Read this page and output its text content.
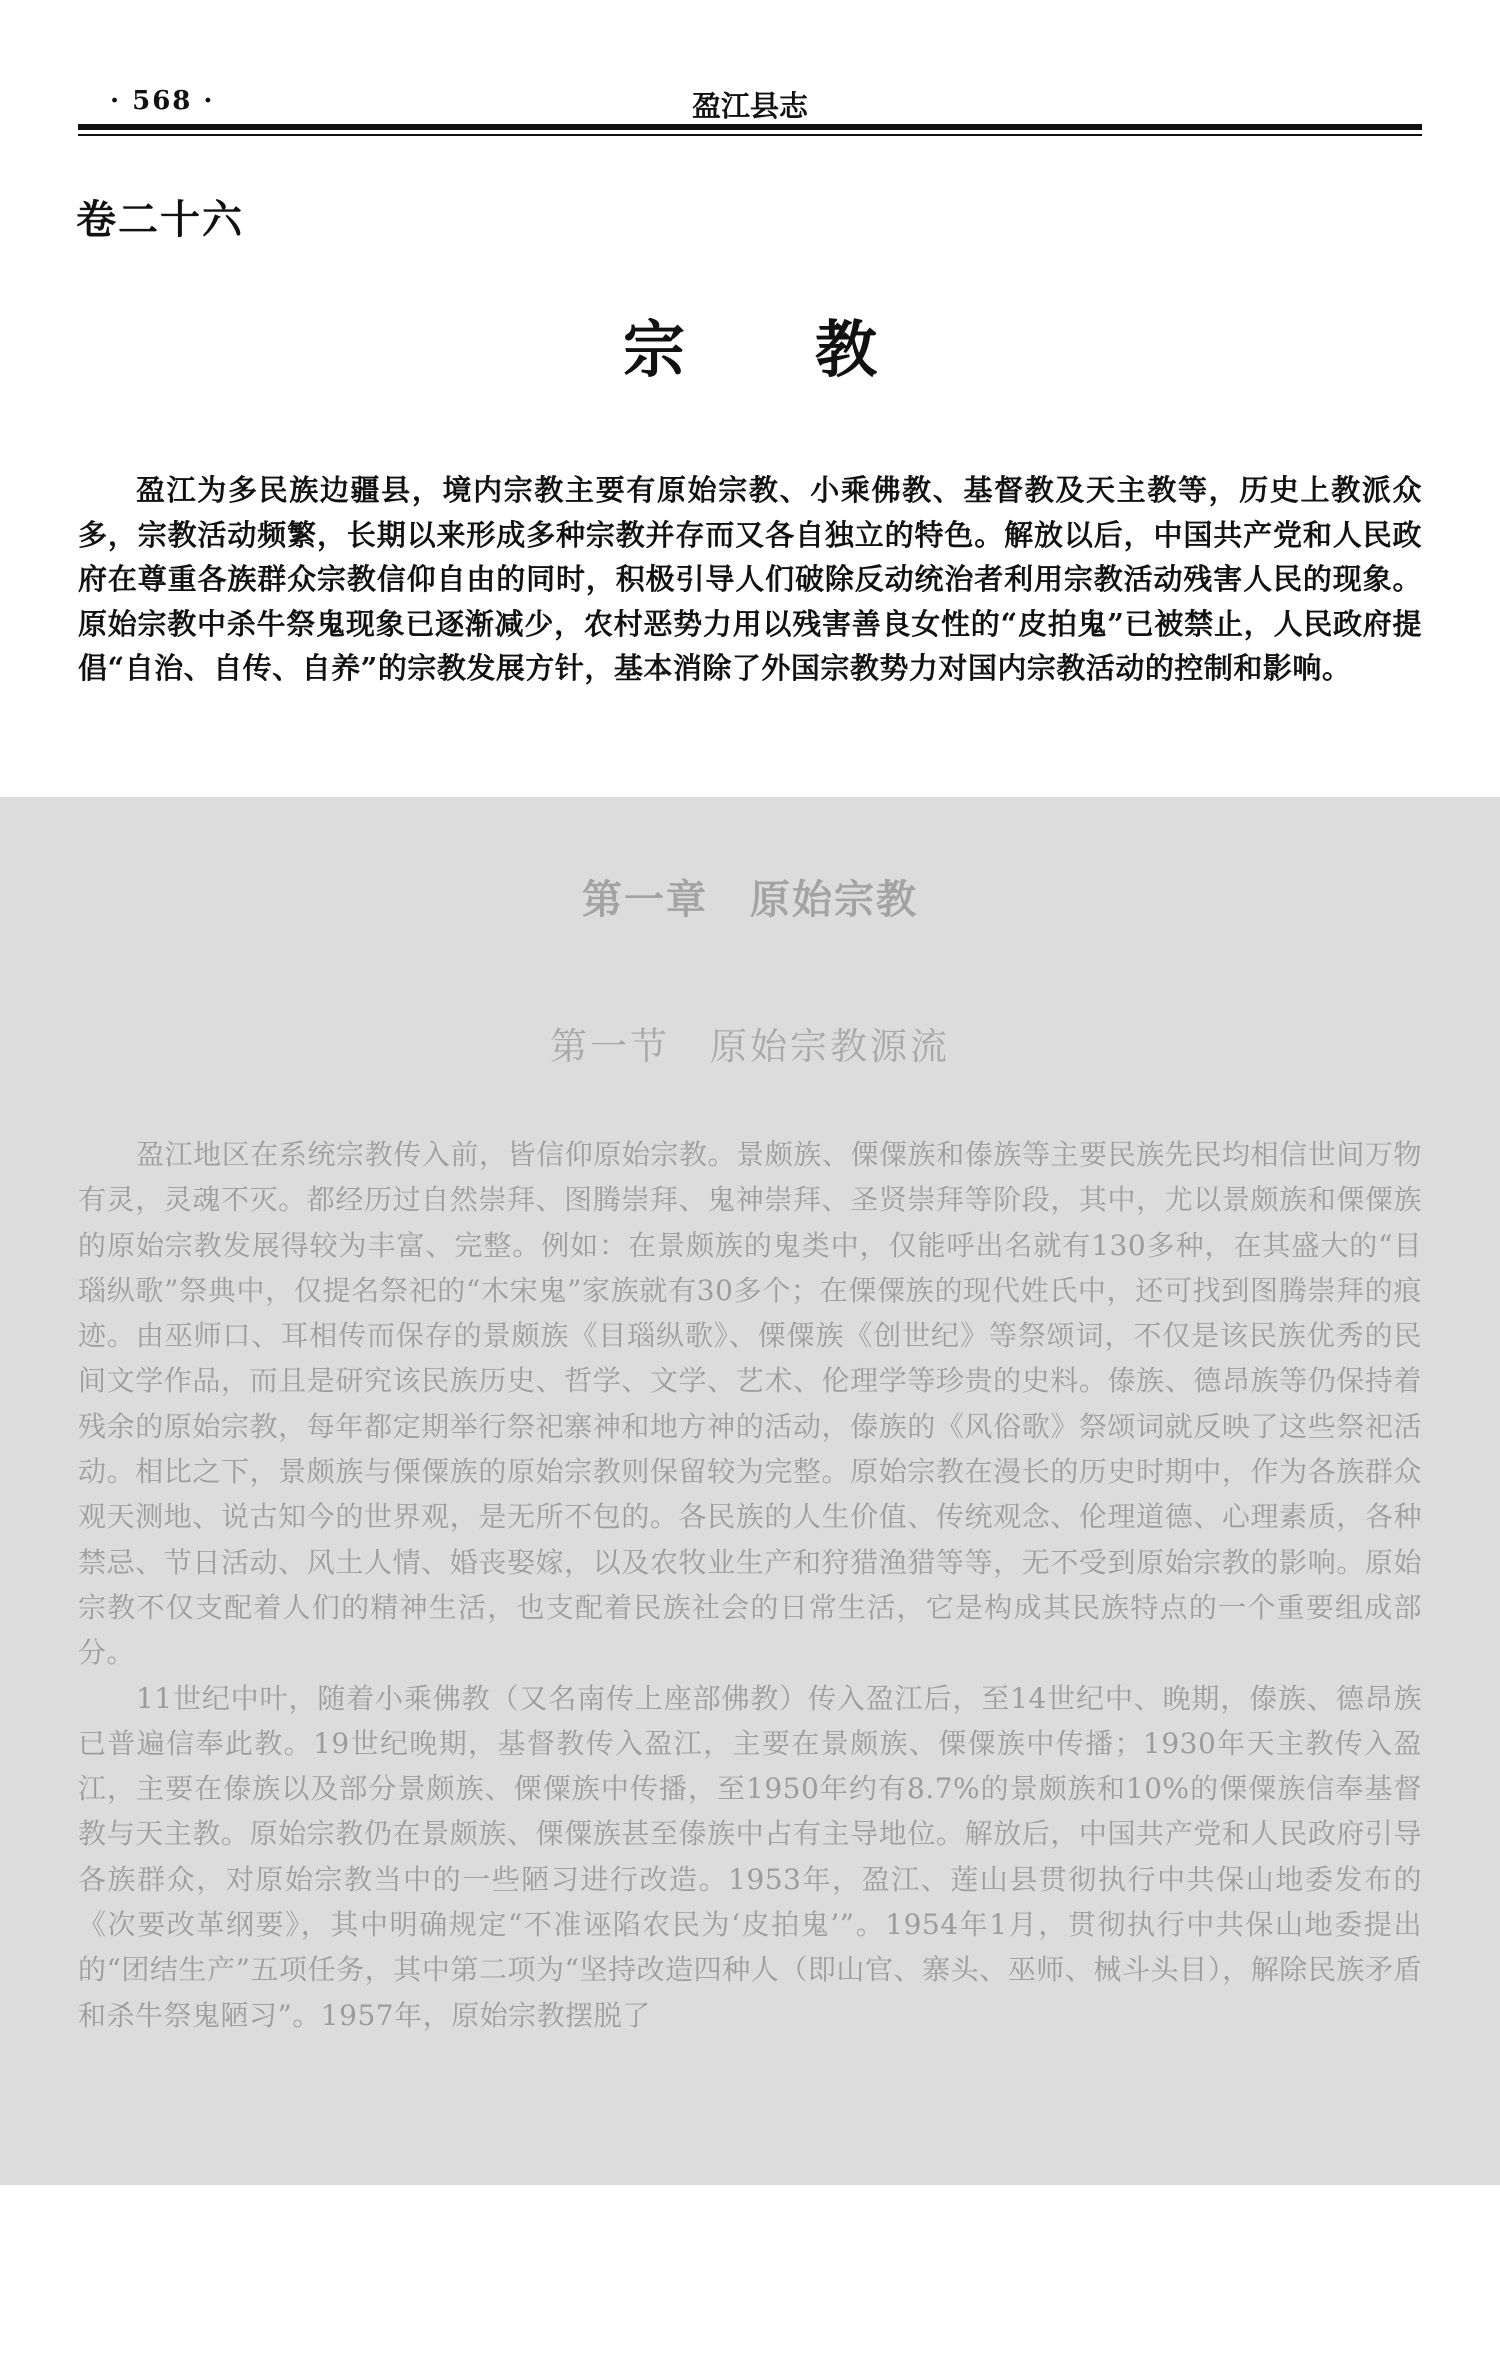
· 568 ·	盈江县志
卷二十六
宗 教
盈江为多民族边疆县，境内宗教主要有原始宗教、小乘佛教、基督教及天主教等，历史上教派众多，宗教活动频繁，长期以来形成多种宗教并存而又各自独立的特色。解放以后，中国共产党和人民政府在尊重各族群众宗教信仰自由的同时，积极引导人们破除反动统治者利用宗教活动残害人民的现象。原始宗教中杀牛祭鬼现象已逐渐减少，农村恶势力用以残害善良女性的“皮拍鬼”已被禁止，人民政府提倡“自治、自传、自养”的宗教发展方针，基本消除了外国宗教势力对国内宗教活动的控制和影响。
第一章　原始宗教
第一节　原始宗教源流

盈江地区在系统宗教传入前，皆信仰原始宗教。景颇族、傈僳族和傣族等主要民族先民均相信世间万物有灵，灵魂不灭。都经历过自然崇拜、图腾崇拜、鬼神崇拜、圣贤崇拜等阶段，其中，尤以景颇族和傈僳族的原始宗教发展得较为丰富、完整。例如：在景颇族的鬼类中，仅能呼出名就有130多种，在其盛大的“目瑙纵歌”祭典中，仅提名祭祀的“木宋鬼”家族就有30多个；在傈僳族的现代姓氏中，还可找到图腾崇拜的痕迹。由巫师口、耳相传而保存的景颇族《目瑙纵歌》、傈僳族《创世纪》等祭颂词，不仅是该民族优秀的民间文学作品，而且是研究该民族历史、哲学、文学、艺术、伦理学等珍贵的史料。傣族、德昂族等仍保持着残余的原始宗教，每年都定期举行祭祀寨神和地方神的活动，傣族的《风俗歌》祭颂词就反映了这些祭祀活动。相比之下，景颇族与傈僳族的原始宗教则保留较为完整。原始宗教在漫长的历史时期中，作为各族群众观天测地、说古知今的世界观，是无所不包的。各民族的人生价值、传统观念、伦理道德、心理素质，各种禁忌、节日活动、风土人情、婚丧娶嫁，以及农牧业生产和狩猎渔猎等等，无不受到原始宗教的影响。原始宗教不仅支配着人们的精神生活，也支配着民族社会的日常生活，它是构成其民族特点的一个重要组成部分。

11世纪中叶，随着小乘佛教（又名南传上座部佛教）传入盈江后，至14世纪中、晚期，傣族、德昂族已普遍信奉此教。19世纪晚期，基督教传入盈江，主要在景颇族、傈僳族中传播；1930年天主教传入盈江，主要在傣族以及部分景颇族、傈僳族中传播，至1950年约有8.7%的景颇族和10%的傈僳族信奉基督教与天主教。原始宗教仍在景颇族、傈僳族甚至傣族中占有主导地位。解放后，中国共产党和人民政府引导各族群众，对原始宗教当中的一些陋习进行改造。1953年，盈江、莲山县贯彻执行中共保山地委发布的《次要改革纲要》，其中明确规定“不准诬陷农民为‘皮拍鬼’”。1954年1月，贯彻执行中共保山地委提出的“团结生产”五项任务，其中第二项为“坚持改造四种人（即山官、寨头、巫师、械斗头目），解除民族矛盾和杀牛祭鬼陋习”。1957年，原始宗教摆脱了
